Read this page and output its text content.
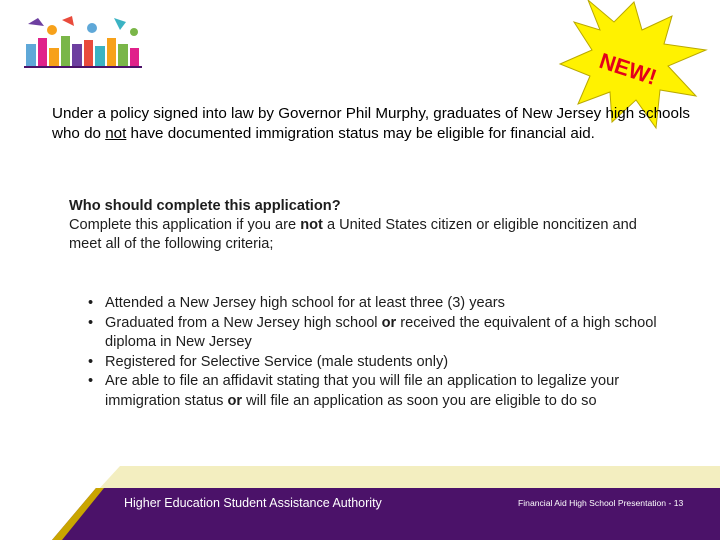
NEW!

Under a policy signed into law by Governor Phil Murphy, graduates of New Jersey high schools who do not have documented immigration status may be eligible for financial aid.

Who should complete this application?

Complete this application if you are not a United States citizen or eligible noncitizen and meet all of the following criteria;

• Attended a New Jersey high school for at least three (3) years
• Graduated from a New Jersey high school or received the equivalent of a high school diploma in New Jersey
• Registered for Selective Service (male students only)
• Are able to file an affidavit stating that you will file an application to legalize your immigration status or will file an application as soon you are eligible to do so
Higher Education Student Assistance Authority	Financial Aid High School Presentation - 13
